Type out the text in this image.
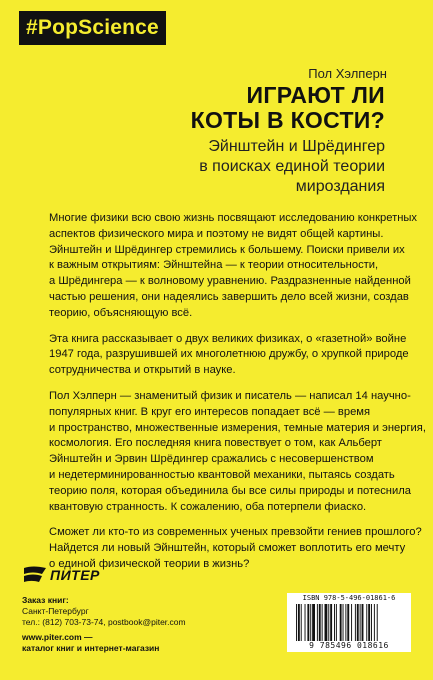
#PopScience
Пол Хэлперн
ИГРАЮТ ЛИ
КОТЫ В КОСТИ?
Эйнштейн и Шрёдингер
в поисках единой теории
мироздания

Многие физики всю свою жизнь посвящают исследованию конкретных
аспектов физического мира и поэтому не видят общей картины.
Эйнштейн и Шрёдингер стремились к большему. Поиски привели их
к важным открытиям: Эйнштейна — к теории относительности,
а Шрёдингера — к волновому уравнению. Раздразненные найденной
частью решения, они надеялись завершить дело всей жизни, создав
теорию, объясняющую всё.

Эта книга рассказывает о двух великих физиках, о «газетной» войне
1947 года, разрушившей их многолетнюю дружбу, о хрупкой природе
сотрудничества и открытий в науке.

Пол Хэлперн — знаменитый физик и писатель — написал 14 научно-
популярных книг. В круг его интересов попадает всё — время
и пространство, множественные измерения, темные материя и энергия,
космология. Его последняя книга повествует о том, как Альберт
Эйнштейн и Эрвин Шрёдингер сражались с несовершенством
и недетерминированностью квантовой механики, пытаясь создать
теорию поля, которая объединила бы все силы природы и потеснила
квантовую странность. К сожалению, оба потерпели фиаско.

Сможет ли кто-то из современных ученых превзойти гениев прошлого?
Найдется ли новый Эйнштейн, который сможет воплотить его мечту
о единой физической теории в жизнь?

ПИТЕР
Заказ книг:
Санкт-Петербург
тел.: (812) 703-73-74, postbook@piter.com
www.piter.com —
каталог книг и интернет-магазин
ISBN 978-5-496-01861-6
9 785496 018616
